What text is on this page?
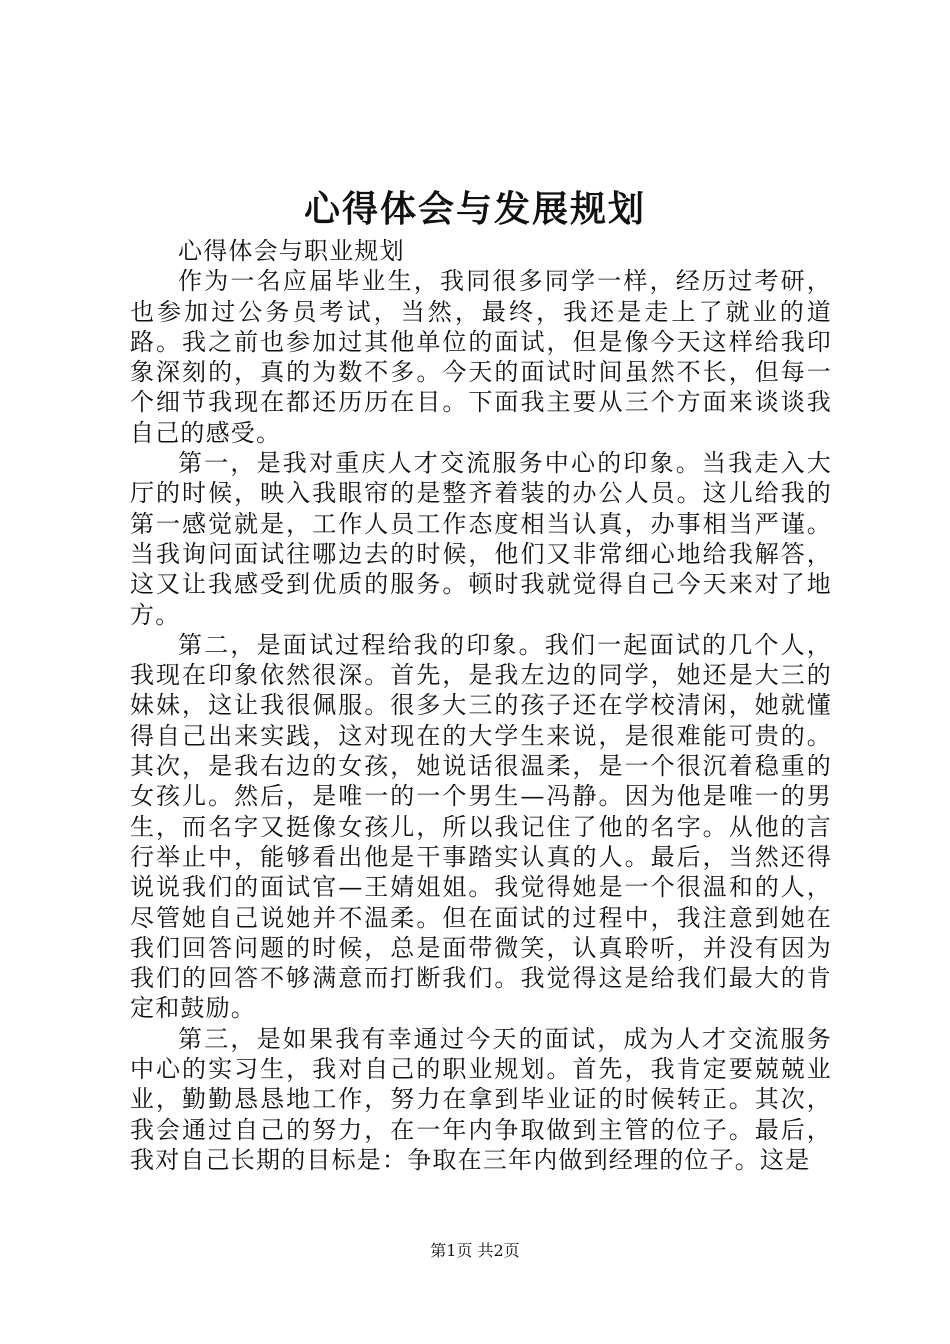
心得体会与发展规划

心得体会与职业规划

作为一名应届毕业生，我同很多同学一样，经历过考研，也参加过公务员考试，当然，最终，我还是走上了就业的道路。我之前也参加过其他单位的面试，但是像今天这样给我印象深刻的，真的为数不多。今天的面试时间虽然不长，但每一个细节我现在都还历历在目。下面我主要从三个方面来谈谈我自己的感受。

第一，是我对重庆人才交流服务中心的印象。当我走入大厅的时候，映入我眼帘的是整齐着装的办公人员。这儿给我的第一感觉就是，工作人员工作态度相当认真，办事相当严谨。当我询问面试往哪边去的时候，他们又非常细心地给我解答，这又让我感受到优质的服务。顿时我就觉得自己今天来对了地方。

第二，是面试过程给我的印象。我们一起面试的几个人，我现在印象依然很深。首先，是我左边的同学，她还是大三的妹妹，这让我很佩服。很多大三的孩子还在学校清闲，她就懂得自己出来实践，这对现在的大学生来说，是很难能可贵的。其次，是我右边的女孩，她说话很温柔，是一个很沉着稳重的女孩儿。然后，是唯一的一个男生—冯静。因为他是唯一的男生，而名字又挺像女孩儿，所以我记住了他的名字。从他的言行举止中，能够看出他是干事踏实认真的人。最后，当然还得说说我们的面试官—王婧姐姐。我觉得她是一个很温和的人，尽管她自己说她并不温柔。但在面试的过程中，我注意到她在我们回答问题的时候，总是面带微笑，认真聆听，并没有因为我们的回答不够满意而打断我们。我觉得这是给我们最大的肯定和鼓励。

第三，是如果我有幸通过今天的面试，成为人才交流服务中心的实习生，我对自己的职业规划。首先，我肯定要兢兢业业，勤勤恳恳地工作，努力在拿到毕业证的时候转正。其次，我会通过自己的努力，在一年内争取做到主管的位子。最后，我对自己长期的目标是：争取在三年内做到经理的位子。这是

第1页 共2页
